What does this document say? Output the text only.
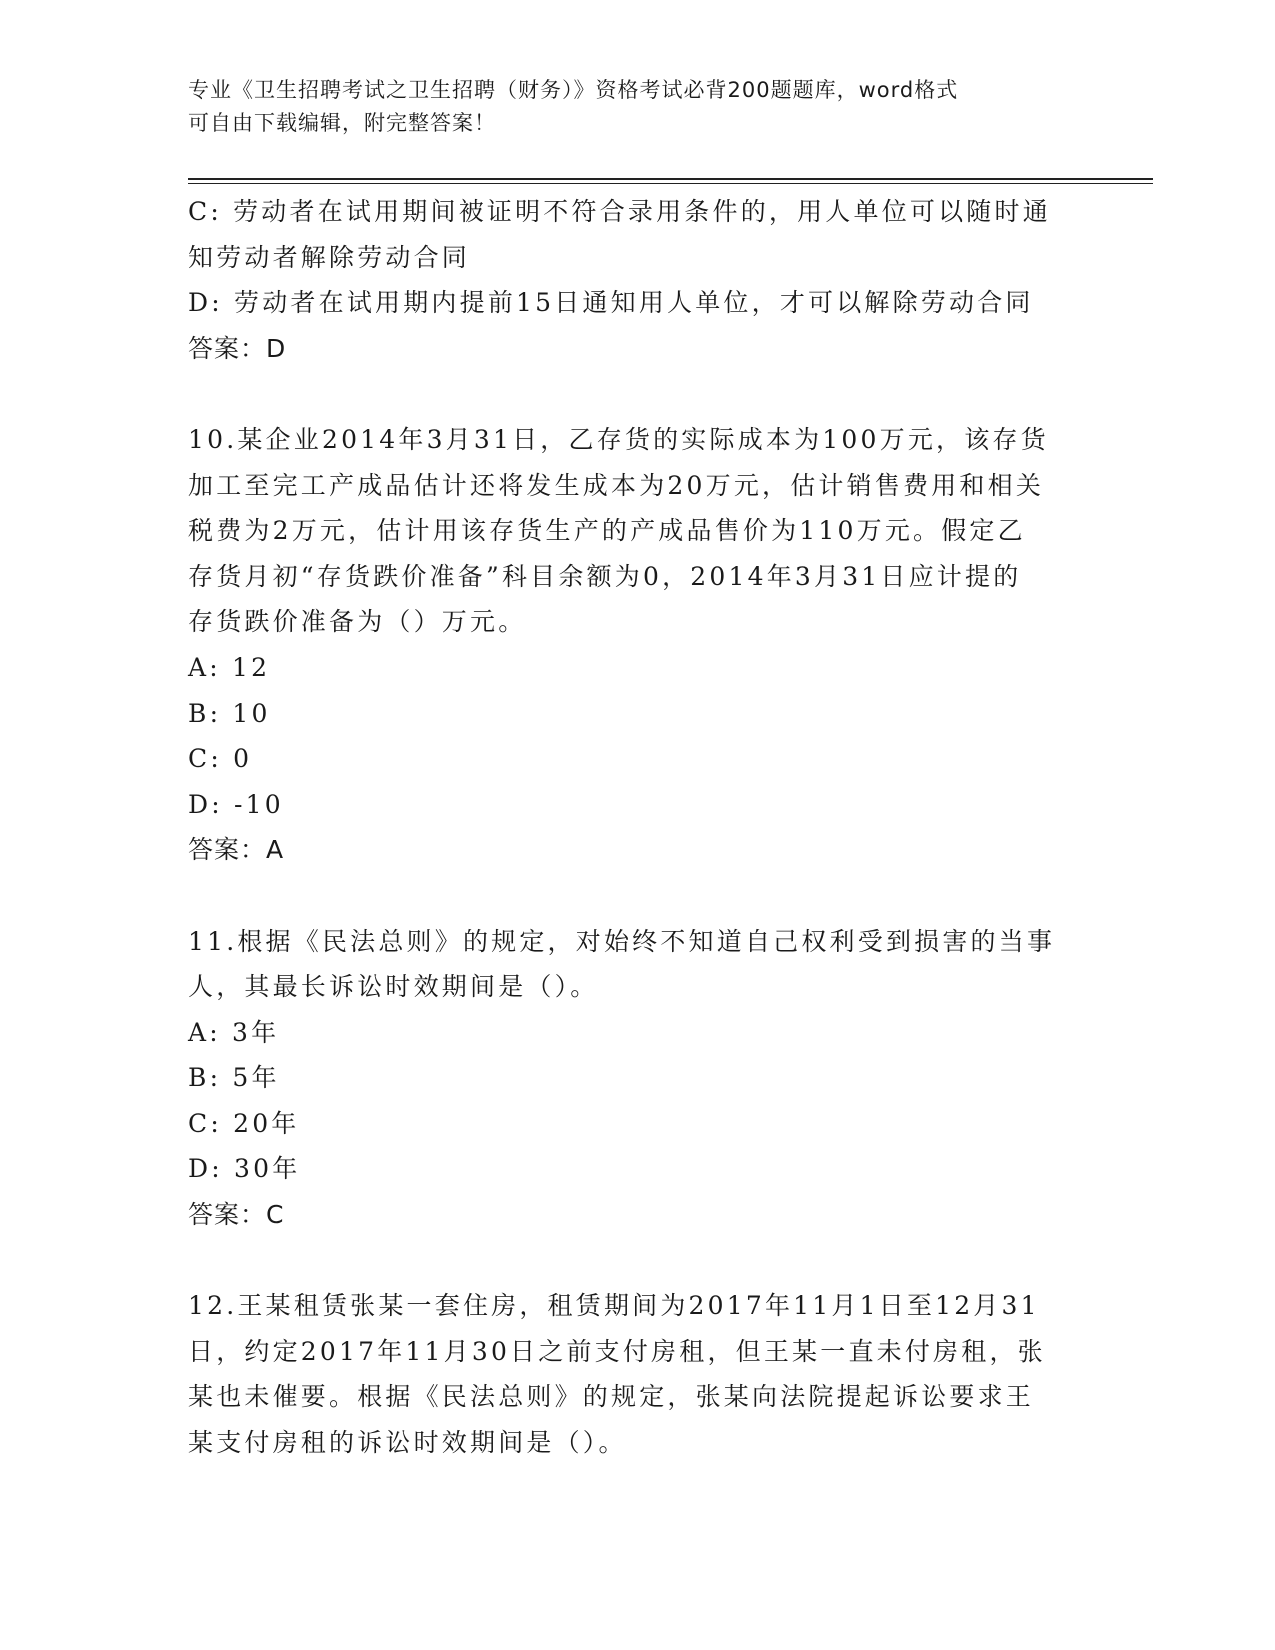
专业《卫生招聘考试之卫生招聘（财务）》资格考试必背200题题库，word格式
可自由下载编辑，附完整答案！
C: 劳动者在试用期间被证明不符合录用条件的，用人单位可以随时通
知劳动者解除劳动合同
D: 劳动者在试用期内提前15日通知用人单位，才可以解除劳动合同
答案：D
10.某企业2014年3月31日，乙存货的实际成本为100万元，该存货
加工至完工产成品估计还将发生成本为20万元，估计销售费用和相关
税费为2万元，估计用该存货生产的产成品售价为110万元。假定乙
存货月初“存货跌价准备”科目余额为0，2014年3月31日应计提的
存货跌价准备为（）万元。
A: 12
B: 10
C: 0
D: -10
答案：A
11.根据《民法总则》的规定，对始终不知道自己权利受到损害的当事
人，其最长诉讼时效期间是（）。
A: 3年
B: 5年
C: 20年
D: 30年
答案：C
12.王某租赁张某一套住房，租赁期间为2017年11月1日至12月31
日，约定2017年11月30日之前支付房租，但王某一直未付房租，张
某也未催要。根据《民法总则》的规定，张某向法院提起诉讼要求王
某支付房租的诉讼时效期间是（）。
